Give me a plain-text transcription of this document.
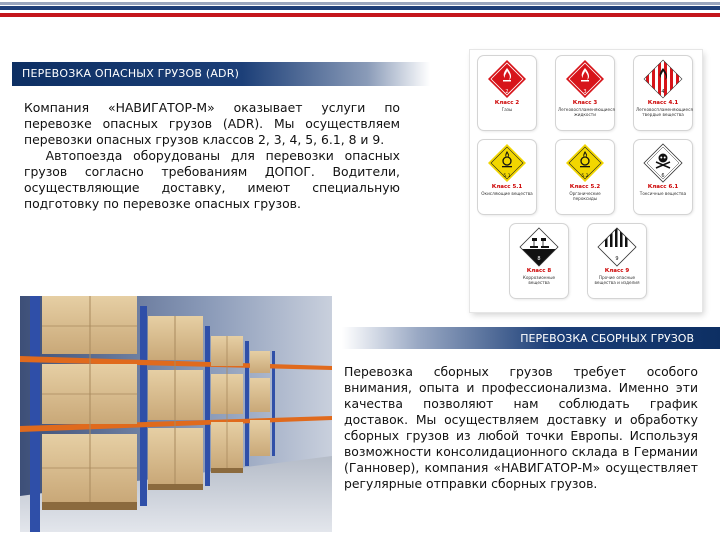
ПЕРЕВОЗКА ОПАСНЫХ ГРУЗОВ (ADR)

Компания «НАВИГАТОР-М» оказывает услуги по перевозке опасных грузов (ADR). Мы осуществляем перевозки опасных грузов классов 2, 3, 4, 5, 6.1, 8 и 9.

Автопоезда оборудованы для перевозки опасных грузов согласно требованиям ДОПОГ. Водители, осуществляющие доставку, имеют специальную подготовку по перевозке опасных грузов.

2
Класс 2
Газы
3
Класс 3
Легковоспламеняющиеся жидкости
4
Класс 4.1
Легковоспламеняющиеся твердые вещества
5.1
Класс 5.1
Окисляющие вещества
5.2
Класс 5.2
Органические пероксиды
6
Класс 6.1
Токсичные вещества
8
Класс 8
Коррозионные вещества
9
Класс 9
Прочие опасные вещества и изделия
ПЕРЕВОЗКА СБОРНЫХ ГРУЗОВ

Перевозка сборных грузов требует особого внимания, опыта и профессионализма. Именно эти качества позволяют нам соблюдать график доставок. Мы осуществляем доставку и обработку сборных грузов из любой точки Европы. Используя возможности консолидационного склада в Германии (Ганновер), компания «НАВИГАТОР-М» осуществляет регулярные отправки сборных грузов.
